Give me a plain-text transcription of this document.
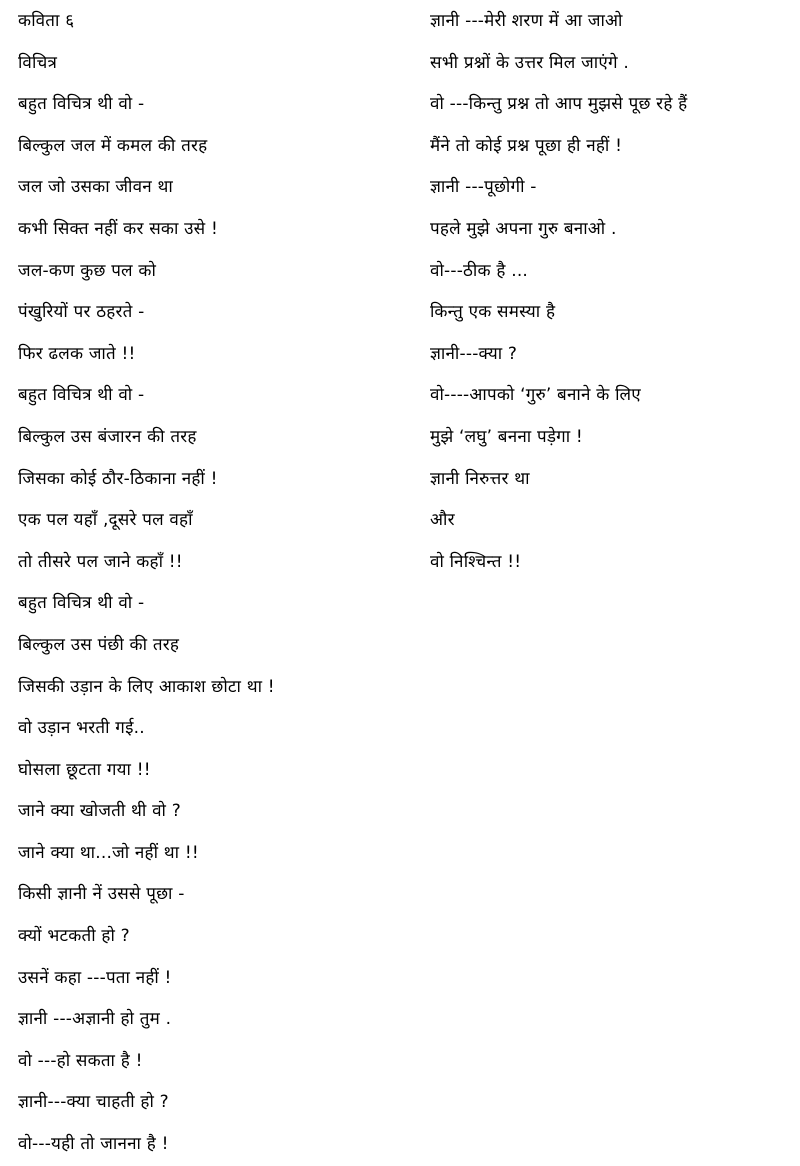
कविता ६
विचित्र
बहुत विचित्र थी वो -
बिल्कुल जल में कमल की तरह
जल जो उसका जीवन था
कभी सिक्त नहीं कर सका उसे !
जल-कण कुछ पल को
पंखुरियों पर ठहरते -
फिर ढलक जाते !!
बहुत विचित्र थी वो -
बिल्कुल उस बंजारन की तरह
जिसका कोई ठौर-ठिकाना नहीं !
एक पल यहाँ ,दूसरे पल वहाँ
तो तीसरे पल जाने कहाँ !!
बहुत विचित्र थी वो -
बिल्कुल उस पंछी की तरह
जिसकी उड़ान के लिए आकाश छोटा था !
वो उड़ान भरती गई..
घोसला छूटता गया !!
जाने क्या खोजती थी वो ?
जाने क्या था...जो नहीं था !!
किसी ज्ञानी नें उससे पूछा -
क्यों भटकती हो ?
उसनें कहा ---पता नहीं !
ज्ञानी ---अज्ञानी हो तुम .
वो ---हो सकता है !
ज्ञानी---क्या चाहती हो ?
वो---यही तो जानना है !
ज्ञानी ---मेरी शरण में आ जाओ
सभी प्रश्नों के उत्तर मिल जाएंगे .
वो ---किन्तु प्रश्न तो आप मुझसे पूछ रहे हैं
मैंने तो कोई प्रश्न पूछा ही नहीं !
ज्ञानी ---पूछोगी -
पहले मुझे अपना गुरु बनाओ .
वो---ठीक है ...
किन्तु एक समस्या है
ज्ञानी---क्या ?
वो----आपको ‘गुरु’ बनाने के लिए
मुझे ‘लघु’ बनना पड़ेगा !
ज्ञानी निरुत्तर था
और
वो निश्चिन्त !!
